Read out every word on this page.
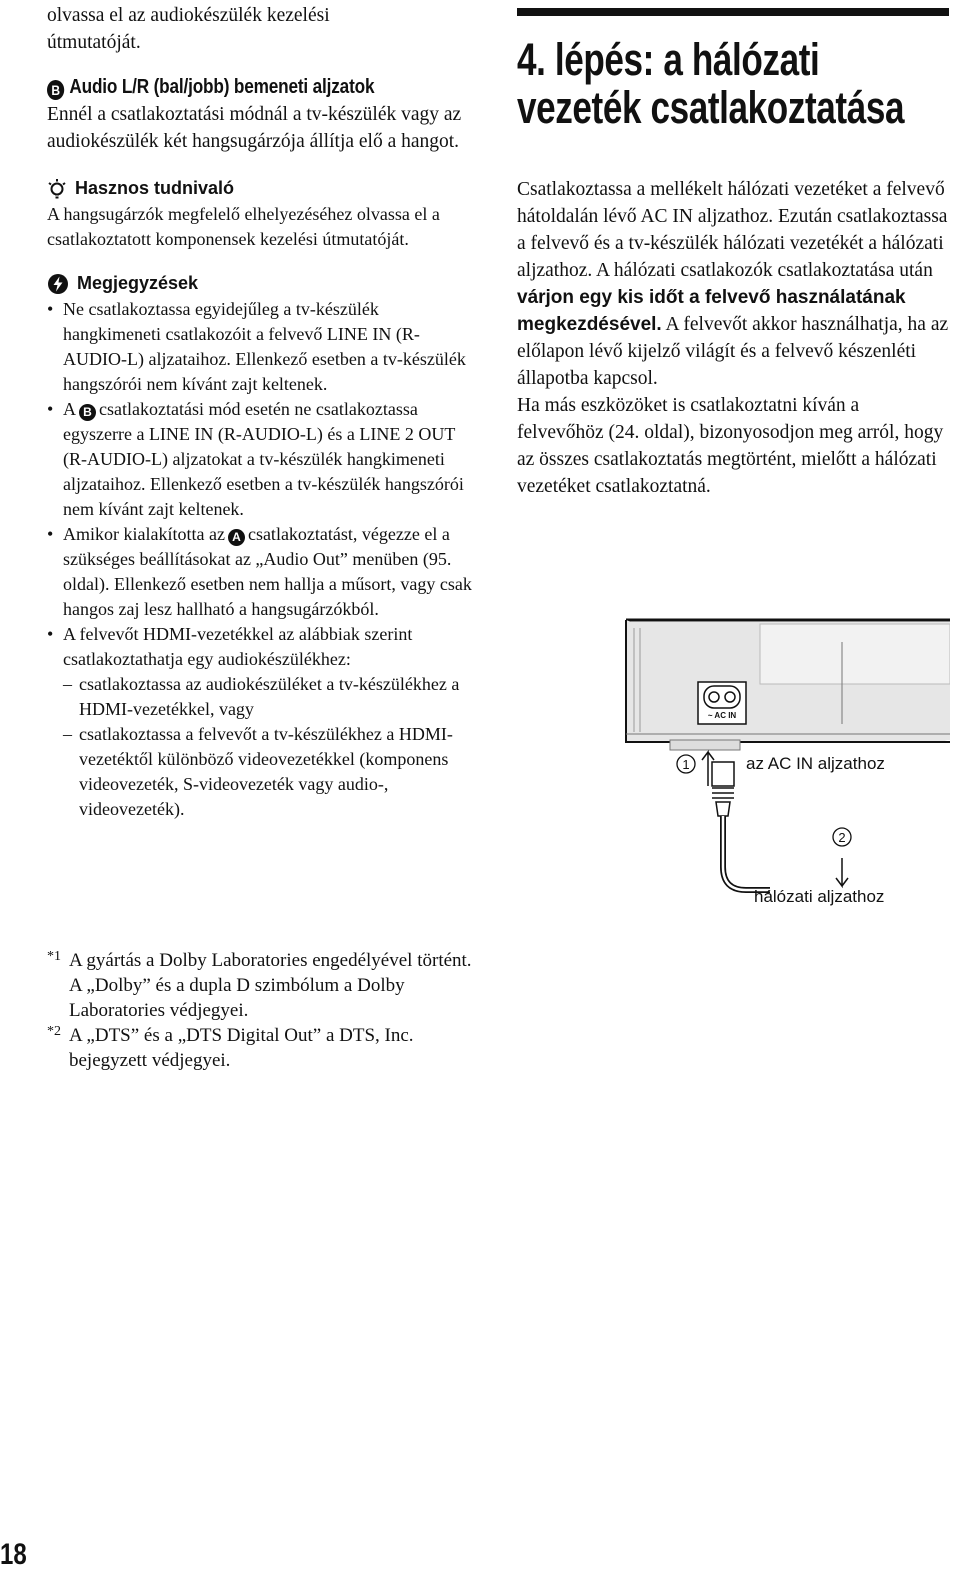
olvassa el az audiokészülék kezelési útmutatóját.

B Audio L/R (bal/jobb) bemeneti aljzatok

Ennél a csatlakoztatási módnál a tv-készülék vagy az audiokészülék két hangsugárzója állítja elő a hangot.

Hasznos tudnivaló

A hangsugárzók megfelelő elhelyezéséhez olvassa el a csatlakoztatott komponensek kezelési útmutatóját.

Megjegyzések

• Ne csatlakoztassa egyidejűleg a tv-készülék hangkimeneti csatlakozóit a felvevő LINE IN (R-AUDIO-L) aljzataihoz. Ellenkező esetben a tv-készülék hangszórói nem kívánt zajt keltenek.
• A B csatlakoztatási mód esetén ne csatlakoztassa egyszerre a LINE IN (R-AUDIO-L) és a LINE 2 OUT (R-AUDIO-L) aljzatokat a tv-készülék hangkimeneti aljzataihoz. Ellenkező esetben a tv-készülék hangszórói nem kívánt zajt keltenek.
• Amikor kialakította az A csatlakoztatást, végezze el a szükséges beállításokat az „Audio Out” menüben (95. oldal). Ellenkező esetben nem hallja a műsort, vagy csak hangos zaj lesz hallható a hangsugárzókból.
• A felvevőt HDMI-vezetékkel az alábbiak szerint csatlakoztathatja egy audiokészülékhez:
– csatlakoztassa az audiokészüléket a tv-készülékhez a HDMI-vezetékkel, vagy
– csatlakoztassa a felvevőt a tv-készülékhez a HDMI-vezetéktől különböző videovezetékkel (komponens videovezeték, S-videovezeték vagy audio-, videovezeték).
*1 A gyártás a Dolby Laboratories engedélyével történt.
A „Dolby” és a dupla D szimbólum a Dolby Laboratories védjegyei.
*2 A „DTS” és a „DTS Digital Out” a DTS, Inc. bejegyzett védjegyei.
4. lépés: a hálózati
vezeték csatlakoztatása

Csatlakoztassa a mellékelt hálózati vezetéket a felvevő hátoldalán lévő AC IN aljzathoz. Ezután csatlakoztassa a felvevő és a tv-készülék hálózati vezetékét a hálózati aljzathoz. A hálózati csatlakozók csatlakoztatása után várjon egy kis időt a felvevő használatának megkezdésével. A felvevőt akkor használhatja, ha az előlapon lévő kijelző világít és a felvevő készenléti állapotba kapcsol.

Ha más eszközöket is csatlakoztatni kíván a felvevőhöz (24. oldal), bizonyosodjon meg arról, hogy az összes csatlakoztatás megtörtént, mielőtt a hálózati vezetéket csatlakoztatná.

~ AC IN
1
2
az AC IN aljzathoz
hálózati aljzathoz
18
